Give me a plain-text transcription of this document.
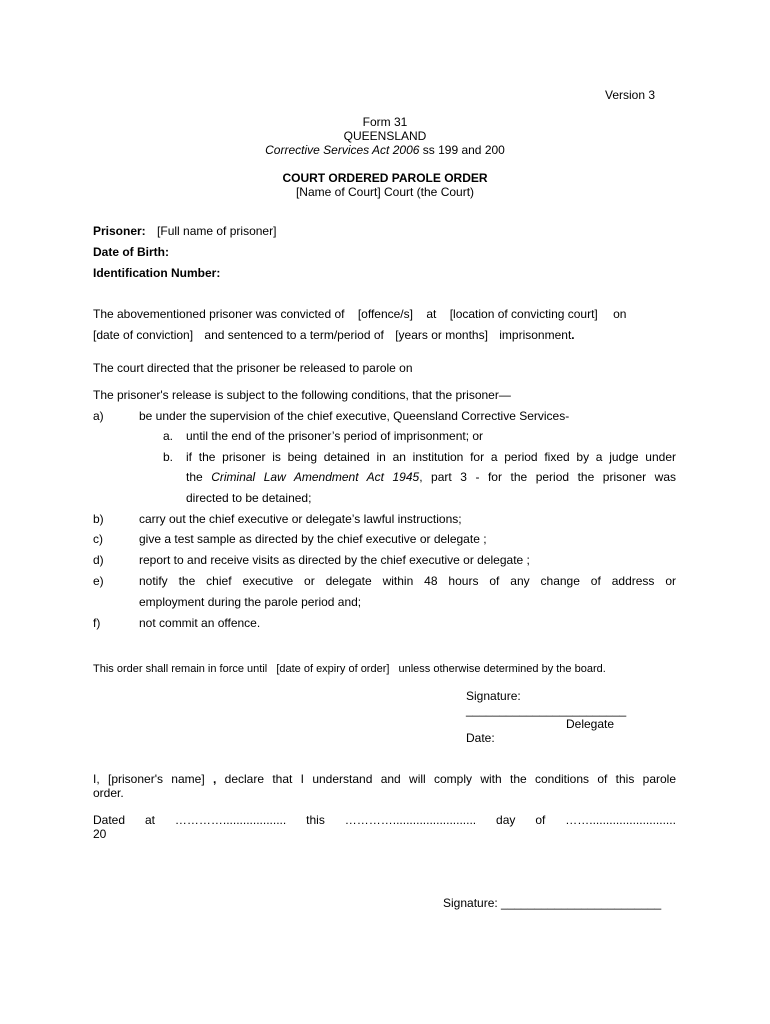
Version 3
Form 31
QUEENSLAND
Corrective Services Act 2006 ss 199 and 200
COURT ORDERED PAROLE ORDER
[Name of Court] Court (the Court)
Prisoner: [Full name of prisoner]
Date of Birth:
Identification Number:
The abovementioned prisoner was convicted of [offence/s] at [location of convicting court] on
[date of conviction] and sentenced to a term/period of [years or months] imprisonment.
The court directed that the prisoner be released to parole on
The prisoner's release is subject to the following conditions, that the prisoner—
a)	be under the supervision of the chief executive, Queensland Corrective Services-
a. until the end of the prisoner’s period of imprisonment; or
b. if the prisoner is being detained in an institution for a period fixed by a judge under
the Criminal Law Amendment Act 1945, part 3 - for the period the prisoner was
directed to be detained;
b)	carry out the chief executive or delegate’s lawful instructions;
c)	give a test sample as directed by the chief executive or delegate ;
d)	report to and receive visits as directed by the chief executive or delegate ;
e)	notify the chief executive or delegate within 48 hours of any change of address or
employment during the parole period and;
f)	not commit an offence.
This order shall remain in force until [date of expiry of order] unless otherwise determined by the board.
Signature:
________________________
Delegate
Date:
I, [prisoner's name] , declare that I understand and will comply with the conditions of this parole
order.
Dated at …………................... this …………......................... day of ……..........................
20
Signature: ________________________
